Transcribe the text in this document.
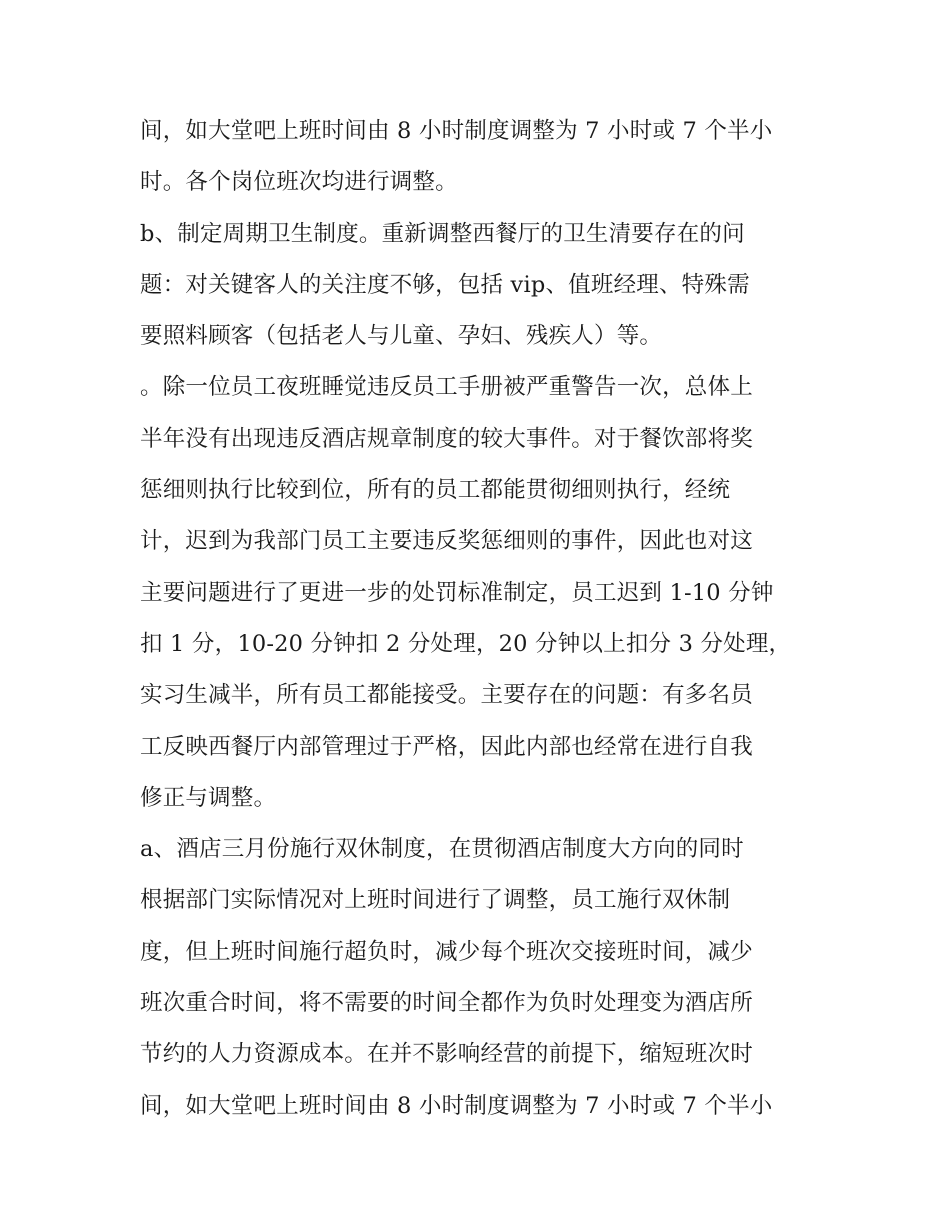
间，如大堂吧上班时间由 8 小时制度调整为 7 小时或 7 个半小
时。各个岗位班次均进行调整。
b、制定周期卫生制度。重新调整西餐厅的卫生清要存在的问
题：对关键客人的关注度不够，包括 vip、值班经理、特殊需
要照料顾客（包括老人与儿童、孕妇、残疾人）等。
。除一位员工夜班睡觉违反员工手册被严重警告一次，总体上
半年没有出现违反酒店规章制度的较大事件。对于餐饮部将奖
惩细则执行比较到位，所有的员工都能贯彻细则执行，经统
计，迟到为我部门员工主要违反奖惩细则的事件，因此也对这
主要问题进行了更进一步的处罚标准制定，员工迟到 1-10 分钟
扣 1 分，10-20 分钟扣 2 分处理，20 分钟以上扣分 3 分处理，
实习生减半，所有员工都能接受。主要存在的问题：有多名员
工反映西餐厅内部管理过于严格，因此内部也经常在进行自我
修正与调整。
a、酒店三月份施行双休制度，在贯彻酒店制度大方向的同时
根据部门实际情况对上班时间进行了调整，员工施行双休制
度，但上班时间施行超负时，减少每个班次交接班时间，减少
班次重合时间，将不需要的时间全都作为负时处理变为酒店所
节约的人力资源成本。在并不影响经营的前提下，缩短班次时
间，如大堂吧上班时间由 8 小时制度调整为 7 小时或 7 个半小
